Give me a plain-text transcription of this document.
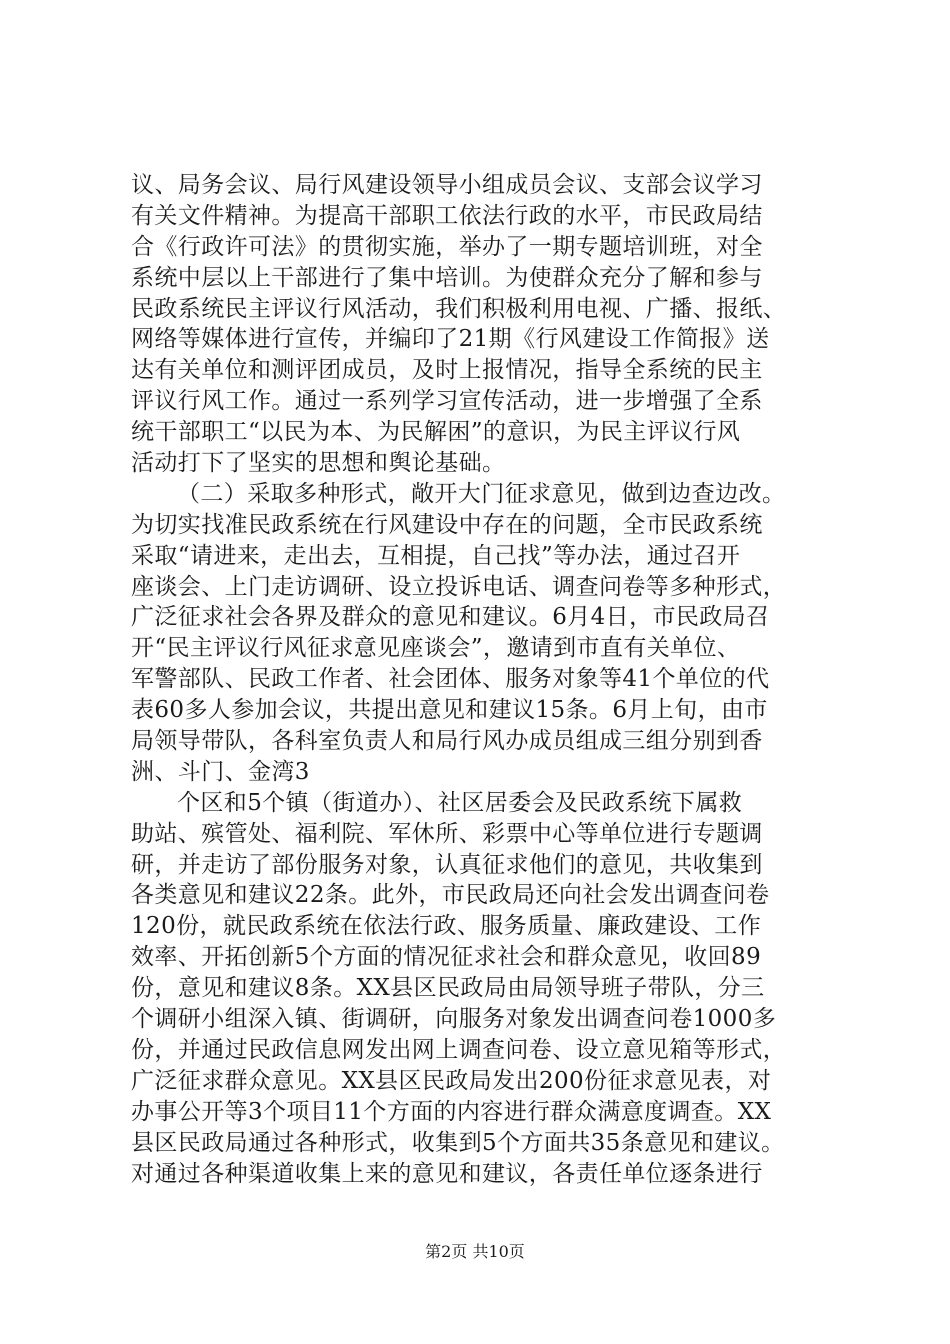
议、局务会议、局行风建设领导小组成员会议、支部会议学习
有关文件精神。为提高干部职工依法行政的水平，市民政局结
合《行政许可法》的贯彻实施，举办了一期专题培训班，对全
系统中层以上干部进行了集中培训。为使群众充分了解和参与
民政系统民主评议行风活动，我们积极利用电视、广播、报纸、
网络等媒体进行宣传，并编印了21期《行风建设工作简报》送
达有关单位和测评团成员，及时上报情况，指导全系统的民主
评议行风工作。通过一系列学习宣传活动，进一步增强了全系
统干部职工“以民为本、为民解困”的意识，为民主评议行风
活动打下了坚实的思想和舆论基础。
（二）采取多种形式，敞开大门征求意见，做到边查边改。
为切实找准民政系统在行风建设中存在的问题，全市民政系统
采取“请进来，走出去，互相提，自己找”等办法，通过召开
座谈会、上门走访调研、设立投诉电话、调查问卷等多种形式，
广泛征求社会各界及群众的意见和建议。6月4日，市民政局召
开“民主评议行风征求意见座谈会”，邀请到市直有关单位、
军警部队、民政工作者、社会团体、服务对象等41个单位的代
表60多人参加会议，共提出意见和建议15条。6月上旬，由市
局领导带队，各科室负责人和局行风办成员组成三组分别到香
洲、斗门、金湾3
个区和5个镇（街道办）、社区居委会及民政系统下属救
助站、殡管处、福利院、军休所、彩票中心等单位进行专题调
研，并走访了部份服务对象，认真征求他们的意见，共收集到
各类意见和建议22条。此外，市民政局还向社会发出调查问卷
120份，就民政系统在依法行政、服务质量、廉政建设、工作
效率、开拓创新5个方面的情况征求社会和群众意见，收回89
份，意见和建议8条。XX县区民政局由局领导班子带队，分三
个调研小组深入镇、街调研，向服务对象发出调查问卷1000多
份，并通过民政信息网发出网上调查问卷、设立意见箱等形式，
广泛征求群众意见。XX县区民政局发出200份征求意见表，对
办事公开等3个项目11个方面的内容进行群众满意度调查。XX
县区民政局通过各种形式，收集到5个方面共35条意见和建议。
对通过各种渠道收集上来的意见和建议，各责任单位逐条进行
第2页 共10页
